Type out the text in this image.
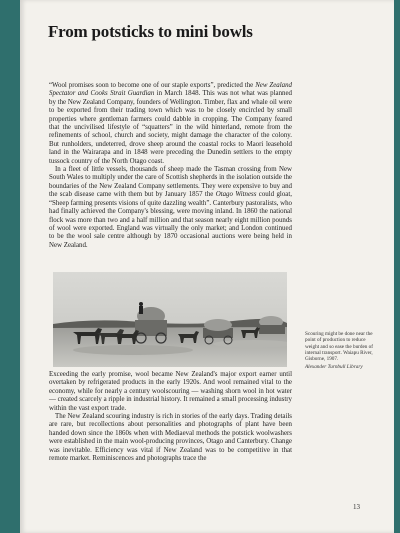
From potsticks to mini bowls

“Wool promises soon to become one of our staple exports”, predicted the New Zealand Spectator and Cooks Strait Guardian in March 1848. This was not what was planned by the New Zealand Company, founders of Wellington. Timber, flax and whale oil were to be exported from their trading town which was to be closely encircled by small properties where gentleman farmers could dabble in cropping. The Company feared that the uncivilised lifestyle of “squatters” in the wild hinterland, remote from the refinements of school, church and society, might damage the character of the colony. But runholders, undeterred, drove sheep around the coastal rocks to Maori leasehold land in the Wairarapa and in 1848 were preceding the Dunedin settlers to the empty tussock country of the North Otago coast.

In a fleet of little vessels, thousands of sheep made the Tasman crossing from New South Wales to multiply under the care of Scottish shepherds in the isolation outside the boundaries of the New Zealand Company settlements. They were expensive to buy and the scab disease came with them but by January 1857 the Otago Witness could gloat, “Sheep farming presents visions of quite dazzling wealth”. Canterbury pastoralists, who had finally achieved the Company's blessing, were moving inland. In 1860 the national flock was more than two and a half million and that season nearly eight million pounds of wool were exported. England was virtually the only market; and London continued to be the wool sale centre although by 1870 occasional auctions were being held in New Zealand.

Scouring might be done near the point of production to reduce weight and so ease the burden of internal transport. Waiapu River, Gisborne, 1907.
Alexander Turnbull Library

Exceeding the early promise, wool became New Zealand's major export earner until overtaken by refrigerated products in the early 1920s. And wool remained vital to the economy, while for nearly a century woolscouring — washing shorn wool in hot water — created scarcely a ripple in industrial history. It remained a small processing industry within the vast export trade.

The New Zealand scouring industry is rich in stories of the early days. Trading details are rare, but recollections about personalities and photographs of plant have been handed down since the 1860s when with Mediaeval methods the potstick woolwashers were established in the main wool-producing provinces, Otago and Canterbury. Change was inevitable. Efficiency was vital if New Zealand was to be competitive in that remote market. Reminiscences and photographs trace the

13
